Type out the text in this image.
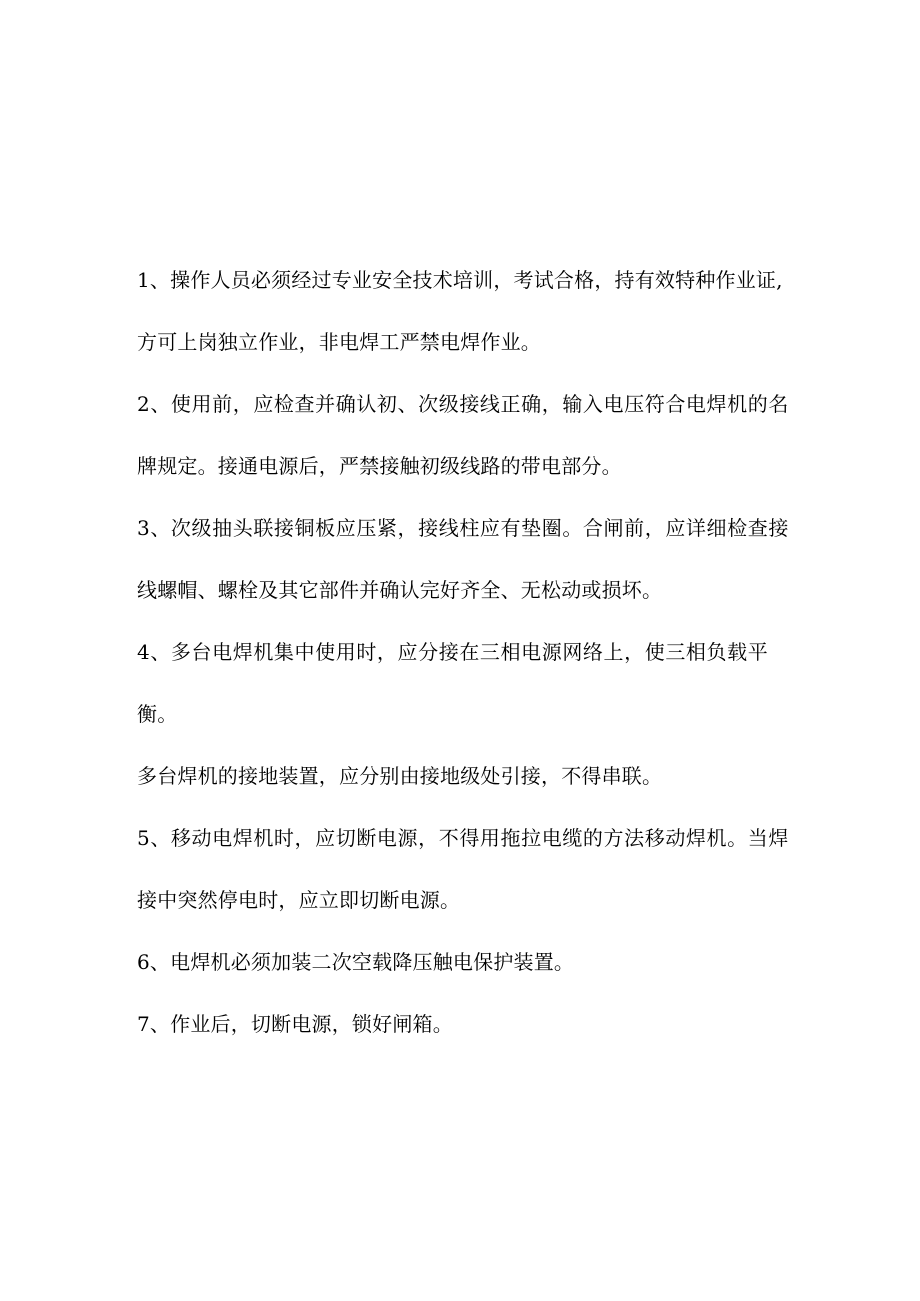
1、操作人员必须经过专业安全技术培训，考试合格，持有效特种作业证,
方可上岗独立作业，非电焊工严禁电焊作业。
2、使用前，应检查并确认初、次级接线正确，输入电压符合电焊机的名
牌规定。接通电源后，严禁接触初级线路的带电部分。
3、次级抽头联接铜板应压紧，接线柱应有垫圈。合闸前，应详细检查接
线螺帽、螺栓及其它部件并确认完好齐全、无松动或损坏。
4、多台电焊机集中使用时，应分接在三相电源网络上，使三相负载平
衡。
多台焊机的接地装置，应分别由接地级处引接，不得串联。
5、移动电焊机时，应切断电源，不得用拖拉电缆的方法移动焊机。当焊
接中突然停电时，应立即切断电源。
6、电焊机必须加装二次空载降压触电保护装置。
7、作业后，切断电源，锁好闸箱。
